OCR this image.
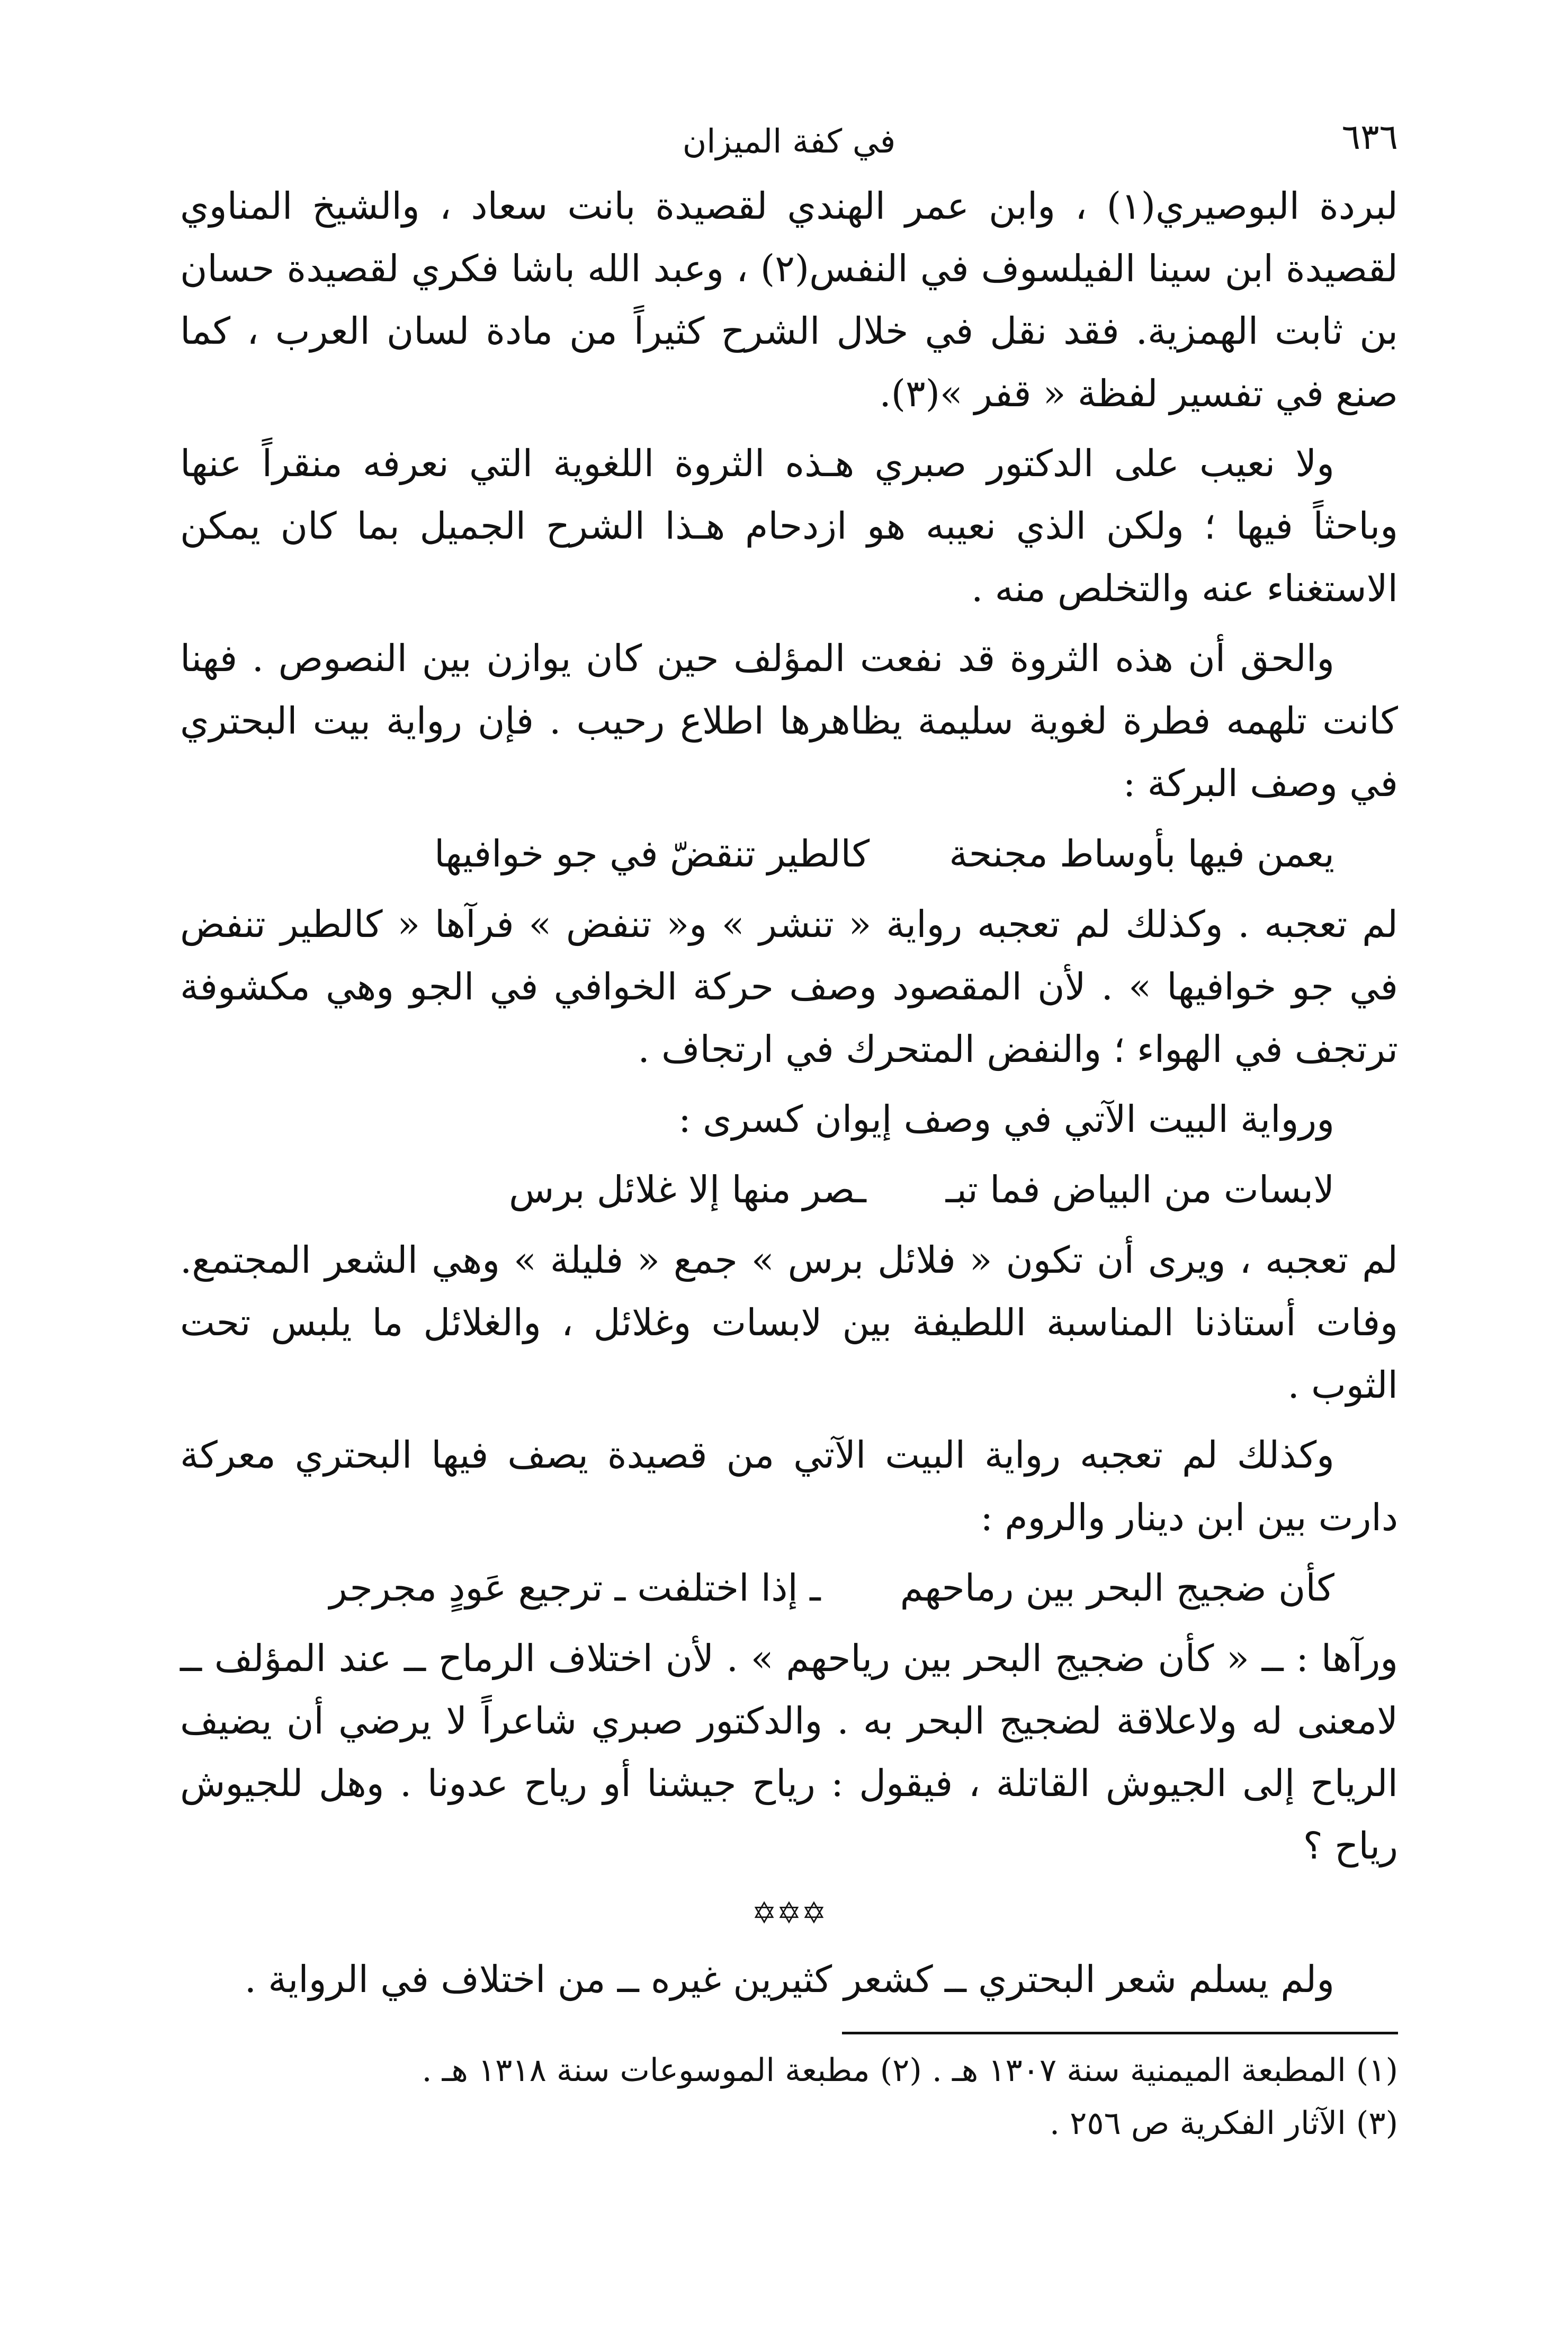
٦٣٦
في كفة الميزان

لبردة البوصيري(١) ، وابن عمر الهندي لقصيدة بانت سعاد ، والشيخ المناوي لقصيدة ابن سينا الفيلسوف في النفس(٢) ، وعبد الله باشا فكري لقصيدة حسان بن ثابت الهمزية. فقد نقل في خلال الشرح كثيراً من مادة لسان العرب ، كما صنع في تفسير لفظة « قفر »(٣).

ولا نعيب على الدكتور صبري هـذه الثروة اللغوية التي نعرفه منقراً عنها وباحثاً فيها ؛ ولكن الذي نعيبه هو ازدحام هـذا الشرح الجميل بما كان يمكن الاستغناء عنه والتخلص منه .

والحق أن هذه الثروة قد نفعت المؤلف حين كان يوازن بين النصوص . فهنا كانت تلهمه فطرة لغوية سليمة يظاهرها اطلاع رحيب . فإن رواية بيت البحتري في وصف البركة :

يعمن فيها بأوساط مجنحة
كالطير تنقضّ في جو خوافيها

لم تعجبه . وكذلك لم تعجبه رواية « تنشر » و« تنفض » فرآها « كالطير تنفض في جو خوافيها » . لأن المقصود وصف حركة الخوافي في الجو وهي مكشوفة ترتجف في الهواء ؛ والنفض المتحرك في ارتجاف .

ورواية البيت الآتي في وصف إيوان كسرى :

لابسات من البياض فما تبـ
ـصر منها إلا غلائل برس

لم تعجبه ، ويرى أن تكون « فلائل برس » جمع « فليلة » وهي الشعر المجتمع. وفات أستاذنا المناسبة اللطيفة بين لابسات وغلائل ، والغلائل ما يلبس تحت الثوب .

وكذلك لم تعجبه رواية البيت الآتي من قصيدة يصف فيها البحتري معركة دارت بين ابن دينار والروم :

كأن ضجيج البحر بين رماحهم
ـ إذا اختلفت ـ ترجيع عَودٍ مجرجر

ورآها : ــ « كأن ضجيج البحر بين رياحهم » . لأن اختلاف الرماح ــ عند المؤلف ــ لامعنى له ولاعلاقة لضجيج البحر به . والدكتور صبري شاعراً لا يرضي أن يضيف الرياح إلى الجيوش القاتلة ، فيقول : رياح جيشنا أو رياح عدونا . وهل للجيوش رياح ؟

✡✡✡

ولم يسلم شعر البحتري ــ كشعر كثيرين غيره ــ من اختلاف في الرواية .

(١) المطبعة الميمنية سنة ١٣٠٧ هـ . (٢) مطبعة الموسوعات سنة ١٣١٨ هـ .
(٣) الآثار الفكرية ص ٢٥٦ .
